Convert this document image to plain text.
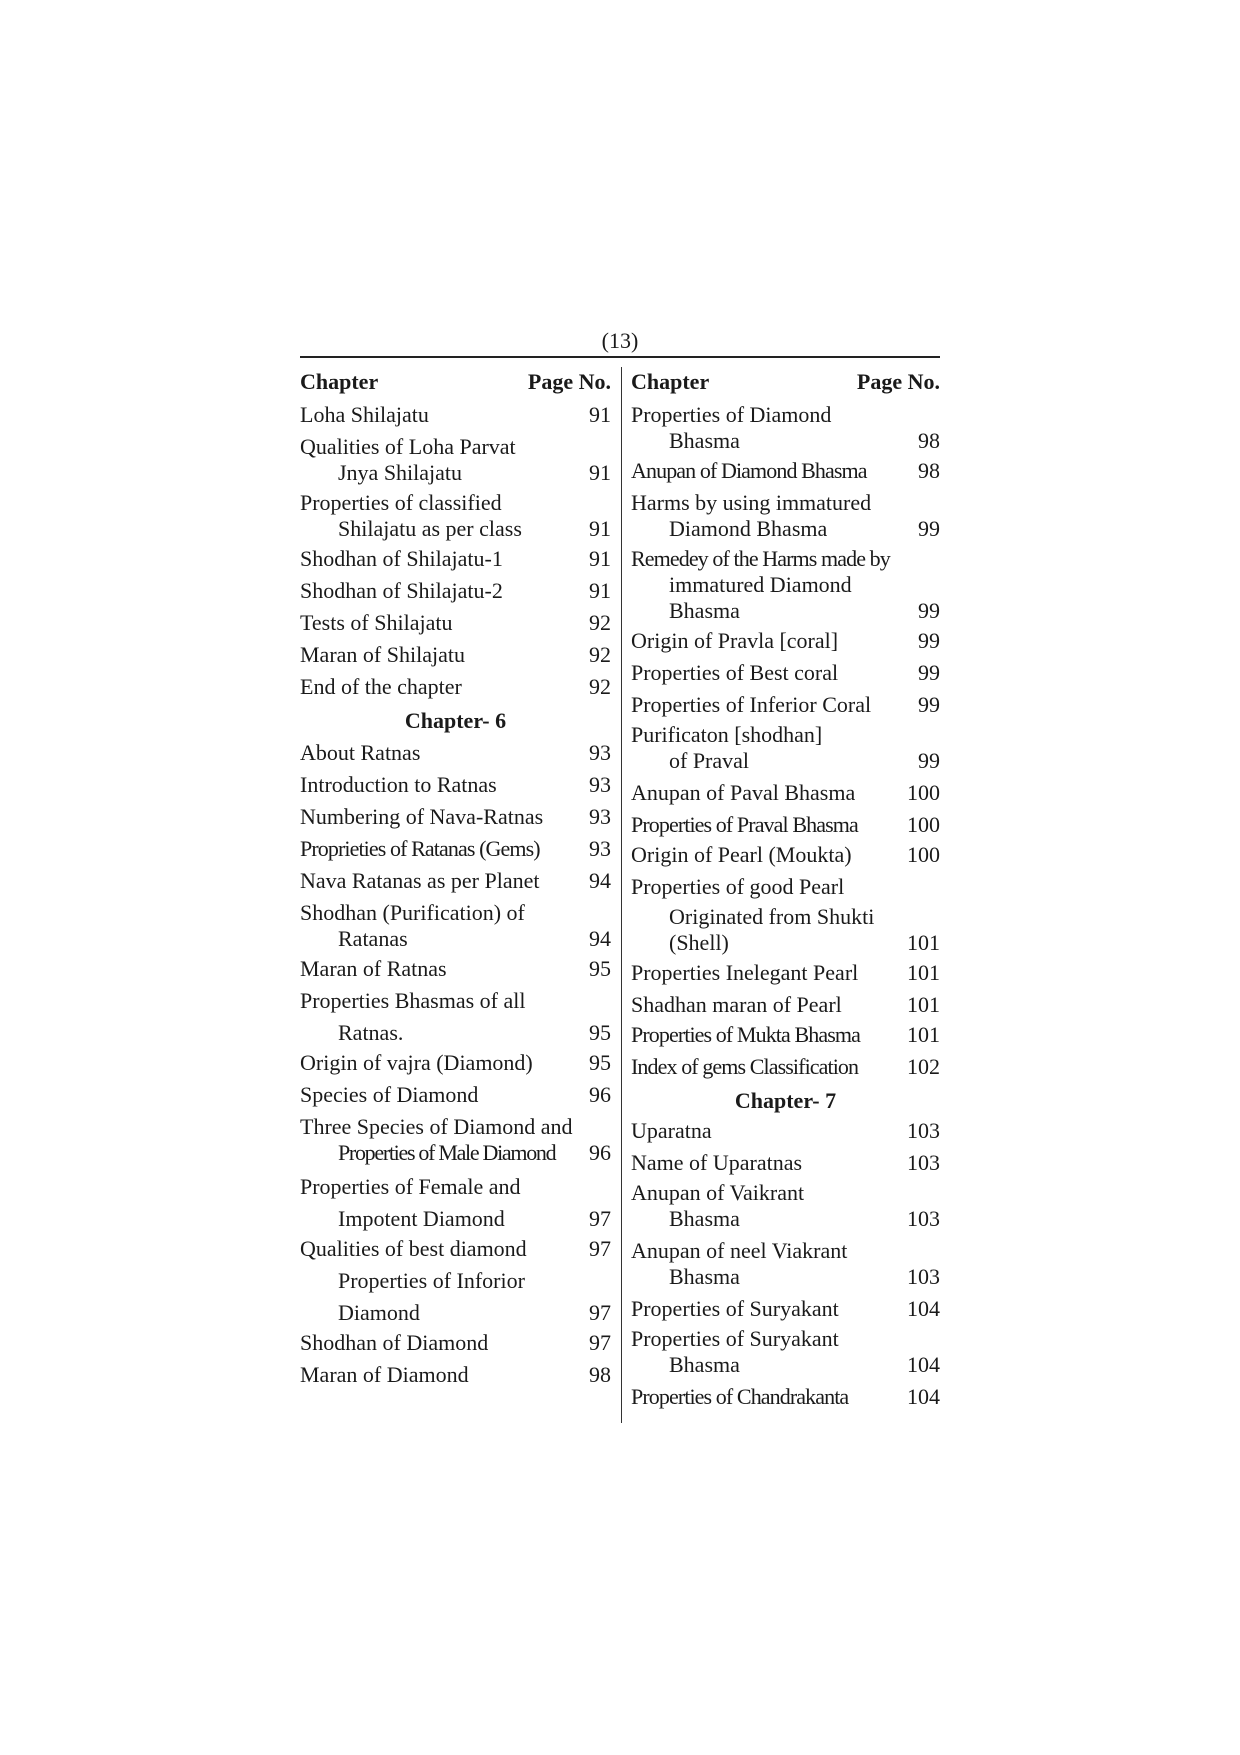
(13)
Chapter	Page No.
Loha Shilajatu	91
Qualities of Loha Parvat
Jnya Shilajatu	91
Properties of classified
Shilajatu as per class	91
Shodhan of Shilajatu-1	91
Shodhan of Shilajatu-2	91
Tests of Shilajatu	92
Maran of Shilajatu	92
End of the chapter	92
Chapter- 6
About Ratnas	93
Introduction to Ratnas	93
Numbering of Nava-Ratnas 93
Proprieties of Ratanas (Gems) 93
Nava Ratanas as per Planet 94
Shodhan (Purification) of
Ratanas	94
Maran of Ratnas	95
Properties Bhasmas of all
Ratnas.	95
Origin of vajra (Diamond)	95
Species of Diamond	96
Three Species of Diamond and
Properties of Male Diamond 96
Properties of Female and
Impotent Diamond	97
Qualities of best diamond	97
Properties of Inforior
Diamond	97
Shodhan of Diamond	97
Maran of Diamond	98
Chapter	Page No.
Properties of Diamond
Bhasma	98
Anupan of Diamond Bhasma 98
Harms by using immatured
Diamond Bhasma	99
Remedey of the Harms made by
immatured Diamond
Bhasma	99
Origin of Pravla [coral]	99
Properties of Best coral	99
Properties of Inferior Coral 99
Purificaton [shodhan]
of Praval	99
Anupan of Paval Bhasma 100
Properties of Praval Bhasma 100
Origin of Pearl (Moukta)	100
Properties of good Pearl
Originated from Shukti
(Shell)	101
Properties Inelegant Pearl 101
Shadhan maran of Pearl	101
Properties of Mukta Bhasma 101
Index of gems Classification 102
Chapter- 7
Uparatna	103
Name of Uparatnas	103
Anupan of Vaikrant
Bhasma	103
Anupan of neel Viakrant
Bhasma	103
Properties of Suryakant	104
Properties of Suryakant
Bhasma	104
Properties of Chandrakanta	104
